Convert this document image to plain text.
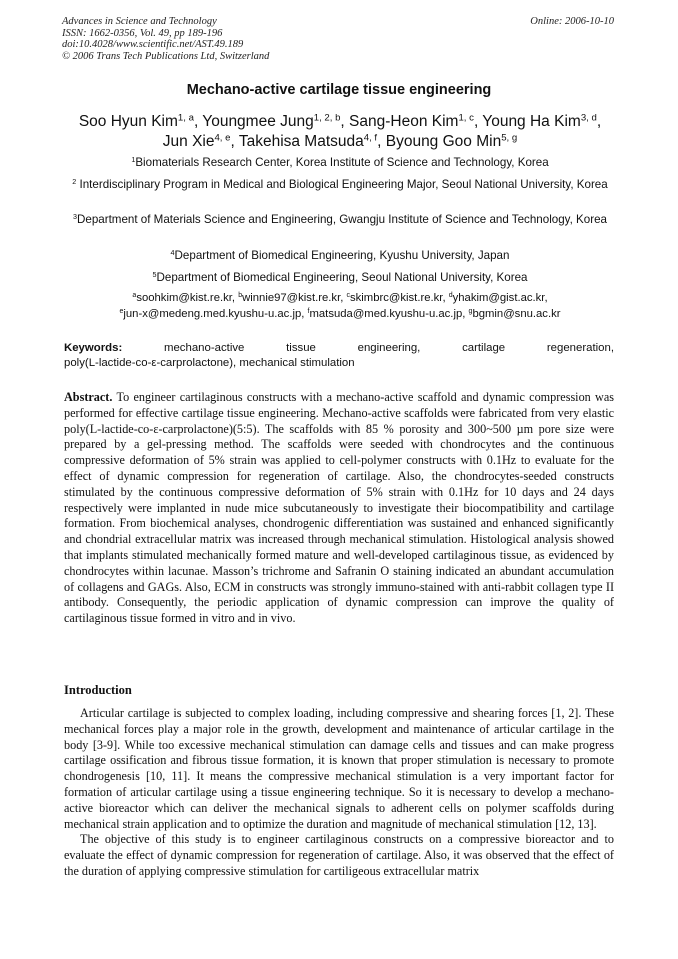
Advances in Science and Technology
ISSN: 1662-0356, Vol. 49, pp 189-196
doi:10.4028/www.scientific.net/AST.49.189
© 2006 Trans Tech Publications Ltd, Switzerland
Online: 2006-10-10
Mechano-active cartilage tissue engineering
Soo Hyun Kim$^{1, a}$, Youngmee Jung$^{1, 2, b}$, Sang-Heon Kim$^{1, c}$, Young Ha Kim$^{3, d}$,
Jun Xie$^{4, e}$, Takehisa Matsuda$^{4, f}$, Byoung Goo Min$^{5, g}$
$^1$Biomaterials Research Center, Korea Institute of Science and Technology, Korea
$^2$ Interdisciplinary Program in Medical and Biological Engineering Major, Seoul National University, Korea
$^3$Department of Materials Science and Engineering, Gwangju Institute of Science and Technology, Korea
$^4$Department of Biomedical Engineering, Kyushu University, Japan
$^5$Department of Biomedical Engineering, Seoul National University, Korea
$^a$soohkim@kist.re.kr, $^b$winnie97@kist.re.kr, $^c$skimbrc@kist.re.kr, $^d$yhakim@gist.ac.kr,
$^e$jun-x@medeng.med.kyushu-u.ac.jp, $^f$matsuda@med.kyushu-u.ac.jp, $^g$bgmin@snu.ac.kr
Keywords:	mechano-active	tissue	engineering,	cartilage	regeneration,
poly(L-lactide-co-ε-carprolactone), mechanical stimulation
Abstract. To engineer cartilaginous constructs with a mechano-active scaffold and dynamic compression was performed for effective cartilage tissue engineering. Mechano-active scaffolds were fabricated from very elastic poly(L-lactide-co-ε-carprolactone)(5:5). The scaffolds with 85 % porosity and 300~500 µm pore size were prepared by a gel-pressing method. The scaffolds were seeded with chondrocytes and the continuous compressive deformation of 5% strain was applied to cell-polymer constructs with 0.1Hz to evaluate for the effect of dynamic compression for regeneration of cartilage. Also, the chondrocytes-seeded constructs stimulated by the continuous compressive deformation of 5% strain with 0.1Hz for 10 days and 24 days respectively were implanted in nude mice subcutaneously to investigate their biocompatibility and cartilage formation. From biochemical analyses, chondrogenic differentiation was sustained and enhanced significantly and chondrial extracellular matrix was increased through mechanical stimulation. Histological analysis showed that implants stimulated mechanically formed mature and well-developed cartilaginous tissue, as evidenced by chondrocytes within lacunae. Masson’s trichrome and Safranin O staining indicated an abundant accumulation of collagens and GAGs. Also, ECM in constructs was strongly immuno-stained with anti-rabbit collagen type II antibody. Consequently, the periodic application of dynamic compression can improve the quality of cartilaginous tissue formed in vitro and in vivo.
Introduction

Articular cartilage is subjected to complex loading, including compressive and shearing forces [1, 2]. These mechanical forces play a major role in the growth, development and maintenance of articular cartilage in the body [3-9]. While too excessive mechanical stimulation can damage cells and tissues and can make progress cartilage ossification and fibrous tissue formation, it is known that proper stimulation is necessary to promote chondrogenesis [10, 11]. It means the compressive mechanical stimulation is a very important factor for formation of articular cartilage using a tissue engineering technique. So it is necessary to develop a mechano-active bioreactor which can deliver the mechanical signals to adherent cells on polymer scaffolds during mechanical strain application and to optimize the duration and magnitude of mechanical stimulation [12, 13].

The objective of this study is to engineer cartilaginous constructs on a compressive bioreactor and to evaluate the effect of dynamic compression for regeneration of cartilage. Also, it was observed that the effect of the duration of applying compressive stimulation for cartiligeous extracellular matrix
